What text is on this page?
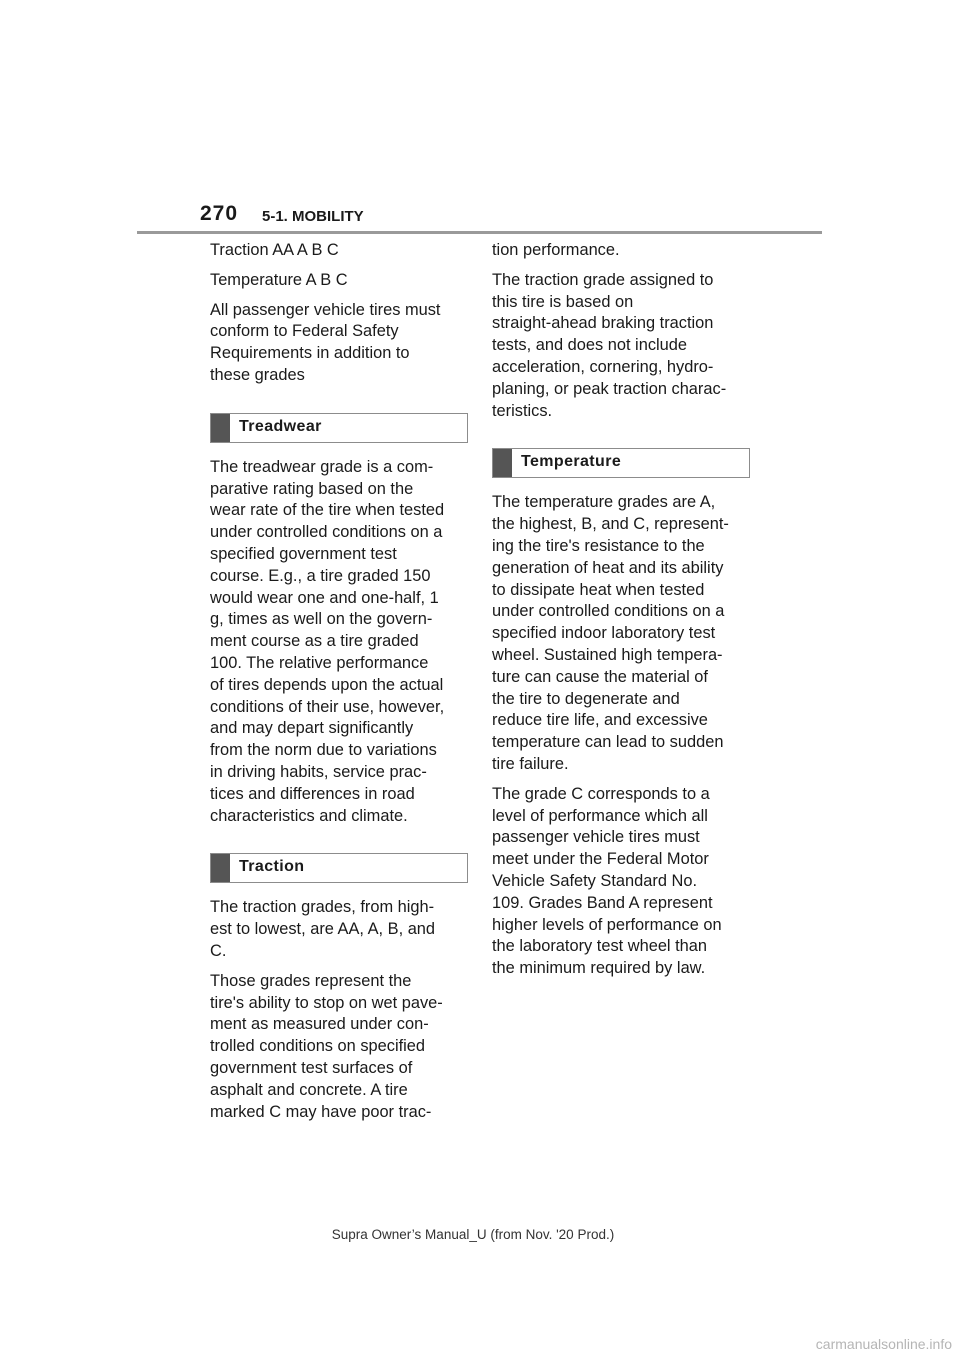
270 5-1. MOBILITY

Traction AA A B C

Temperature A B C

All passenger vehicle tires must
conform to Federal Safety
Requirements in addition to
these grades

Treadwear

The treadwear grade is a com-
parative rating based on the
wear rate of the tire when tested
under controlled conditions on a
specified government test
course. E.g., a tire graded 150
would wear one and one-half, 1
g, times as well on the govern-
ment course as a tire graded
100. The relative performance
of tires depends upon the actual
conditions of their use, however,
and may depart significantly
from the norm due to variations
in driving habits, service prac-
tices and differences in road
characteristics and climate.

Traction

The traction grades, from high-
est to lowest, are AA, A, B, and
C.

Those grades represent the
tire's ability to stop on wet pave-
ment as measured under con-
trolled conditions on specified
government test surfaces of
asphalt and concrete. A tire
marked C may have poor trac-

tion performance.

The traction grade assigned to
this tire is based on
straight-ahead braking traction
tests, and does not include
acceleration, cornering, hydro-
planing, or peak traction charac-
teristics.

Temperature

The temperature grades are A,
the highest, B, and C, represent-
ing the tire's resistance to the
generation of heat and its ability
to dissipate heat when tested
under controlled conditions on a
specified indoor laboratory test
wheel. Sustained high tempera-
ture can cause the material of
the tire to degenerate and
reduce tire life, and excessive
temperature can lead to sudden
tire failure.

The grade C corresponds to a
level of performance which all
passenger vehicle tires must
meet under the Federal Motor
Vehicle Safety Standard No.
109. Grades Band A represent
higher levels of performance on
the laboratory test wheel than
the minimum required by law.

Supra Owner’s Manual_U (from Nov. '20 Prod.)
carmanualsonline.info
